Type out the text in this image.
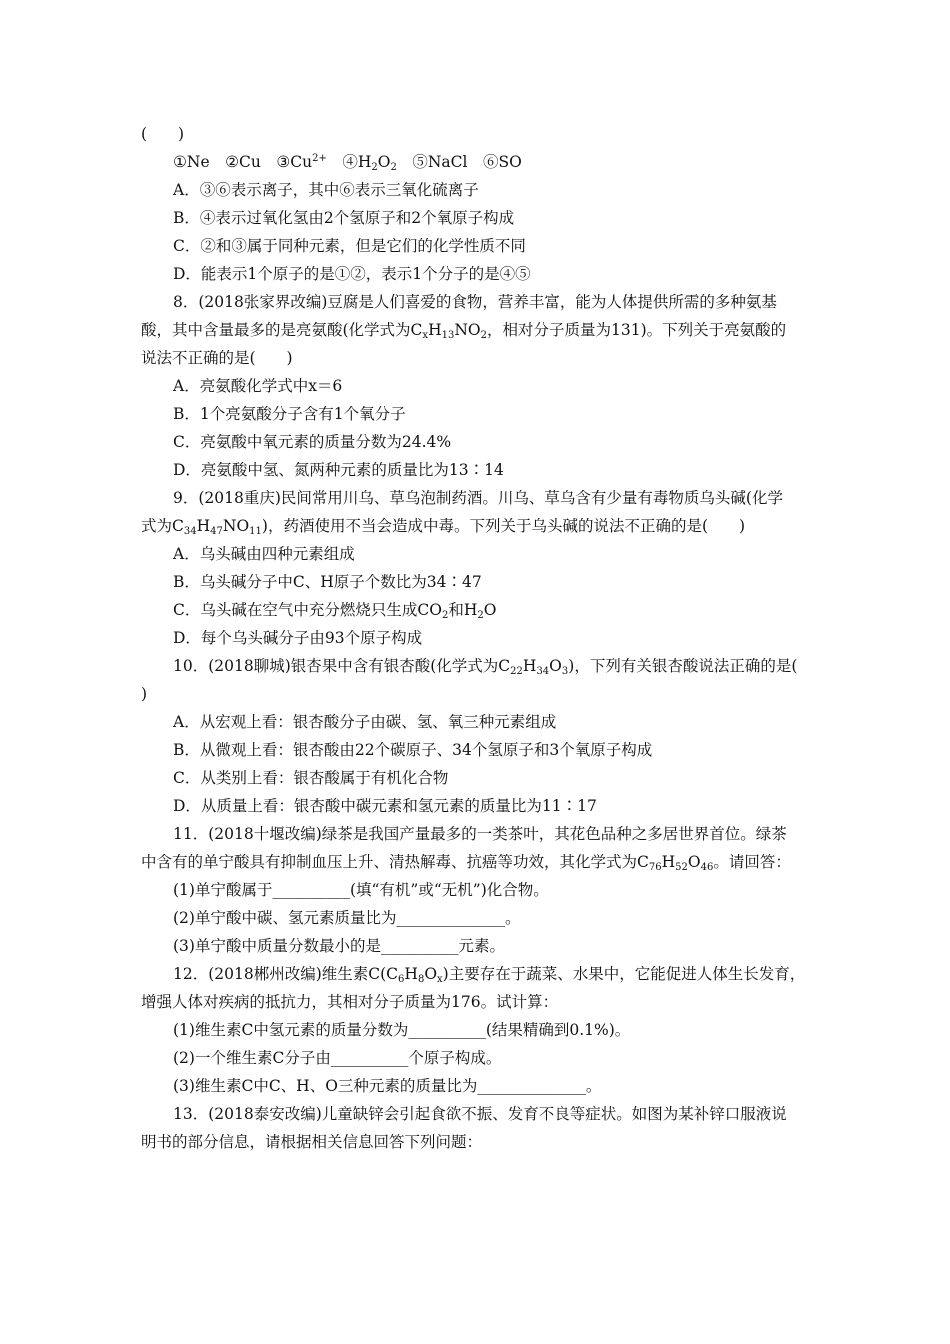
(　　)
①Ne　②Cu　$③Cu^{2+}$　$④H_2O_2$　⑤NaCl　⑥SO
A．③⑥表示离子，其中⑥表示三氧化硫离子
B．④表示过氧化氢由2个氢原子和2个氧原子构成
C．②和③属于同种元素，但是它们的化学性质不同
D．能表示1个原子的是①②，表示1个分子的是④⑤
8．(2018张家界改编)豆腐是人们喜爱的食物，营养丰富，能为人体提供所需的多种氨基
酸，其中含量最多的是亮氨酸(化学式为$C_xH_{13}NO_2$，相对分子质量为131)。下列关于亮氨酸的
说法不正确的是(　　)
A．亮氨酸化学式中x＝6
B．1个亮氨酸分子含有1个氧分子
C．亮氨酸中氧元素的质量分数为24.4%
D．亮氨酸中氢、氮两种元素的质量比为13∶14
9．(2018重庆)民间常用川乌、草乌泡制药酒。川乌、草乌含有少量有毒物质乌头碱(化学
式为$C_{34}H_{47}NO_{11}$)，药酒使用不当会造成中毒。下列关于乌头碱的说法不正确的是(　　)
A．乌头碱由四种元素组成
B．乌头碱分子中C、H原子个数比为34∶47
C．乌头碱在空气中充分燃烧只生成$CO_2$和$H_2O$
D．每个乌头碱分子由93个原子构成
10．(2018聊城)银杏果中含有银杏酸(化学式为$C_{22}H_{34}O_3$)，下列有关银杏酸说法正确的是(
)
A．从宏观上看：银杏酸分子由碳、氢、氧三种元素组成
B．从微观上看：银杏酸由22个碳原子、34个氢原子和3个氧原子构成
C．从类别上看：银杏酸属于有机化合物
D．从质量上看：银杏酸中碳元素和氢元素的质量比为11∶17
11．(2018十堰改编)绿茶是我国产量最多的一类茶叶，其花色品种之多居世界首位。绿茶
中含有的单宁酸具有抑制血压上升、清热解毒、抗癌等功效，其化学式为$C_{76}H_{52}O_{46}$。请回答：
(1)单宁酸属于__________(填“有机”或“无机”)化合物。
(2)单宁酸中碳、氢元素质量比为______________。
(3)单宁酸中质量分数最小的是__________元素。
12．(2018郴州改编)维生素$C(C_6H_8O_x)$主要存在于蔬菜、水果中，它能促进人体生长发育，
增强人体对疾病的抵抗力，其相对分子质量为176。试计算：
(1)维生素C中氢元素的质量分数为__________(结果精确到0.1%)。
(2)一个维生素C分子由__________个原子构成。
(3)维生素C中C、H、O三种元素的质量比为______________。
13．(2018泰安改编)儿童缺锌会引起食欲不振、发育不良等症状。如图为某补锌口服液说
明书的部分信息，请根据相关信息回答下列问题：
